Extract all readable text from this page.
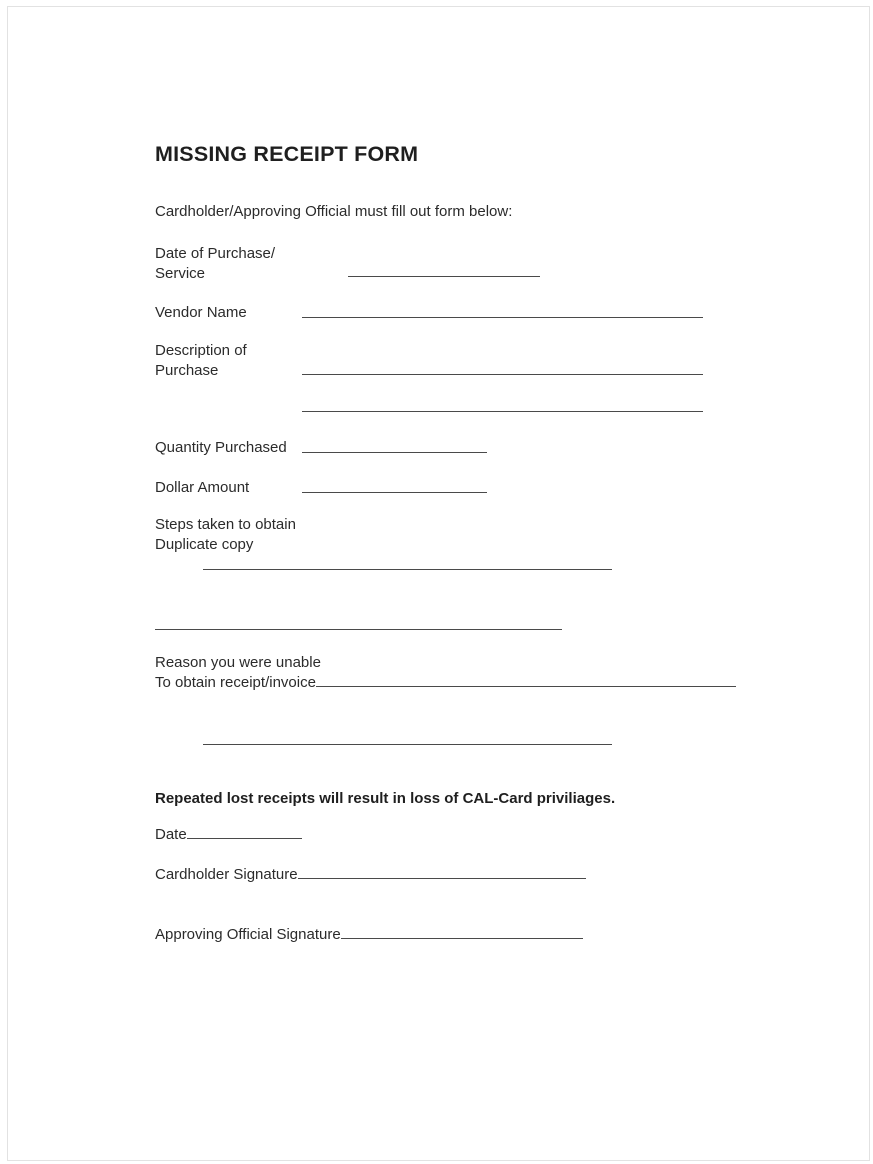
MISSING RECEIPT FORM
Cardholder/Approving Official must fill out form below:
Date of Purchase/
Service
Vendor Name
Description of
Purchase
Quantity Purchased
Dollar Amount
Steps taken to obtain
Duplicate copy
Reason you were unable
To obtain receipt/invoice
Repeated lost receipts will result in loss of CAL-Card priviliages.
Date
Cardholder Signature
Approving Official Signature
